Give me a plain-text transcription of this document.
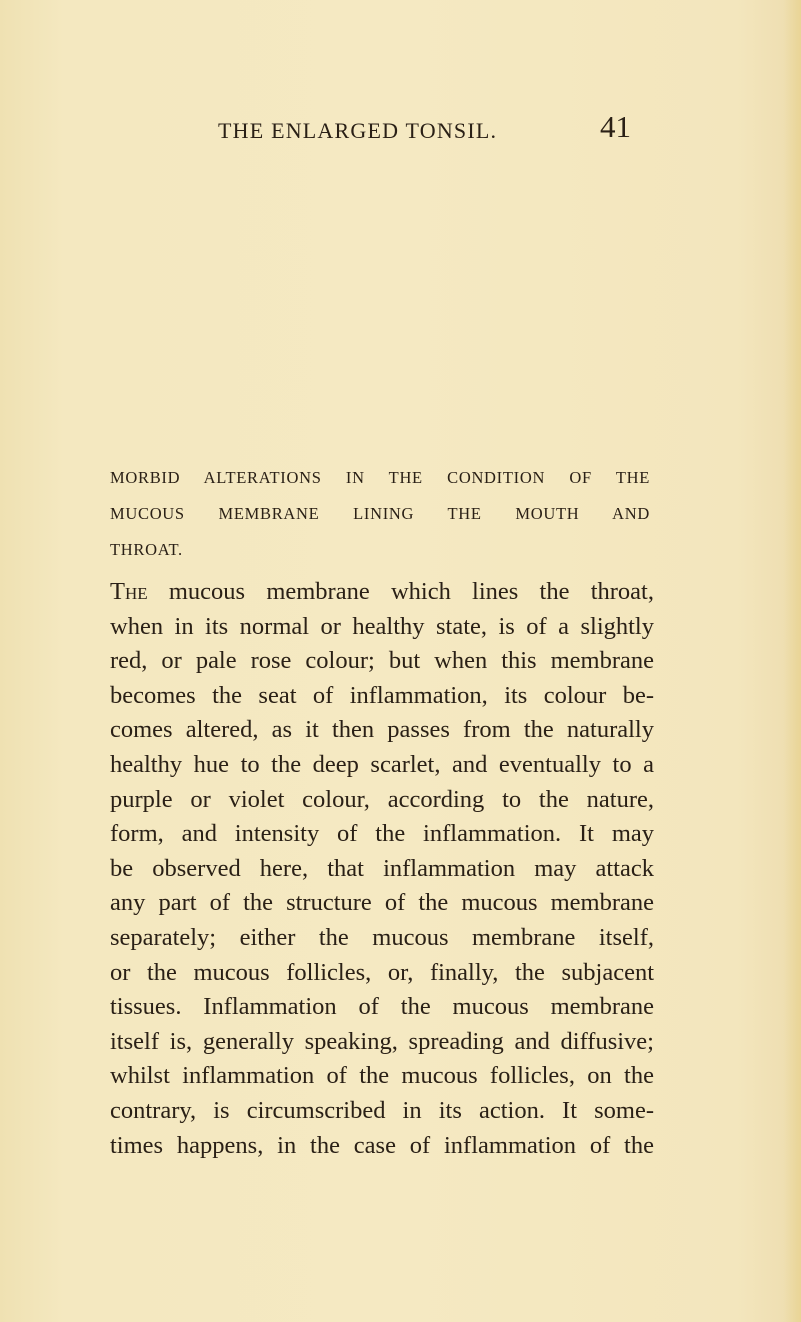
THE ENLARGED TONSIL.	41
MORBID ALTERATIONS IN THE CONDITION OF THE
MUCOUS MEMBRANE LINING THE MOUTH AND
THROAT.
The mucous membrane which lines the throat,
when in its normal or healthy state, is of a slightly
red, or pale rose colour; but when this membrane
becomes the seat of inflammation, its colour be-
comes altered, as it then passes from the naturally
healthy hue to the deep scarlet, and eventually to a
purple or violet colour, according to the nature,
form, and intensity of the inflammation. It may
be observed here, that inflammation may attack
any part of the structure of the mucous membrane
separately; either the mucous membrane itself,
or the mucous follicles, or, finally, the subjacent
tissues. Inflammation of the mucous membrane
itself is, generally speaking, spreading and diffusive;
whilst inflammation of the mucous follicles, on the
contrary, is circumscribed in its action. It some-
times happens, in the case of inflammation of the
